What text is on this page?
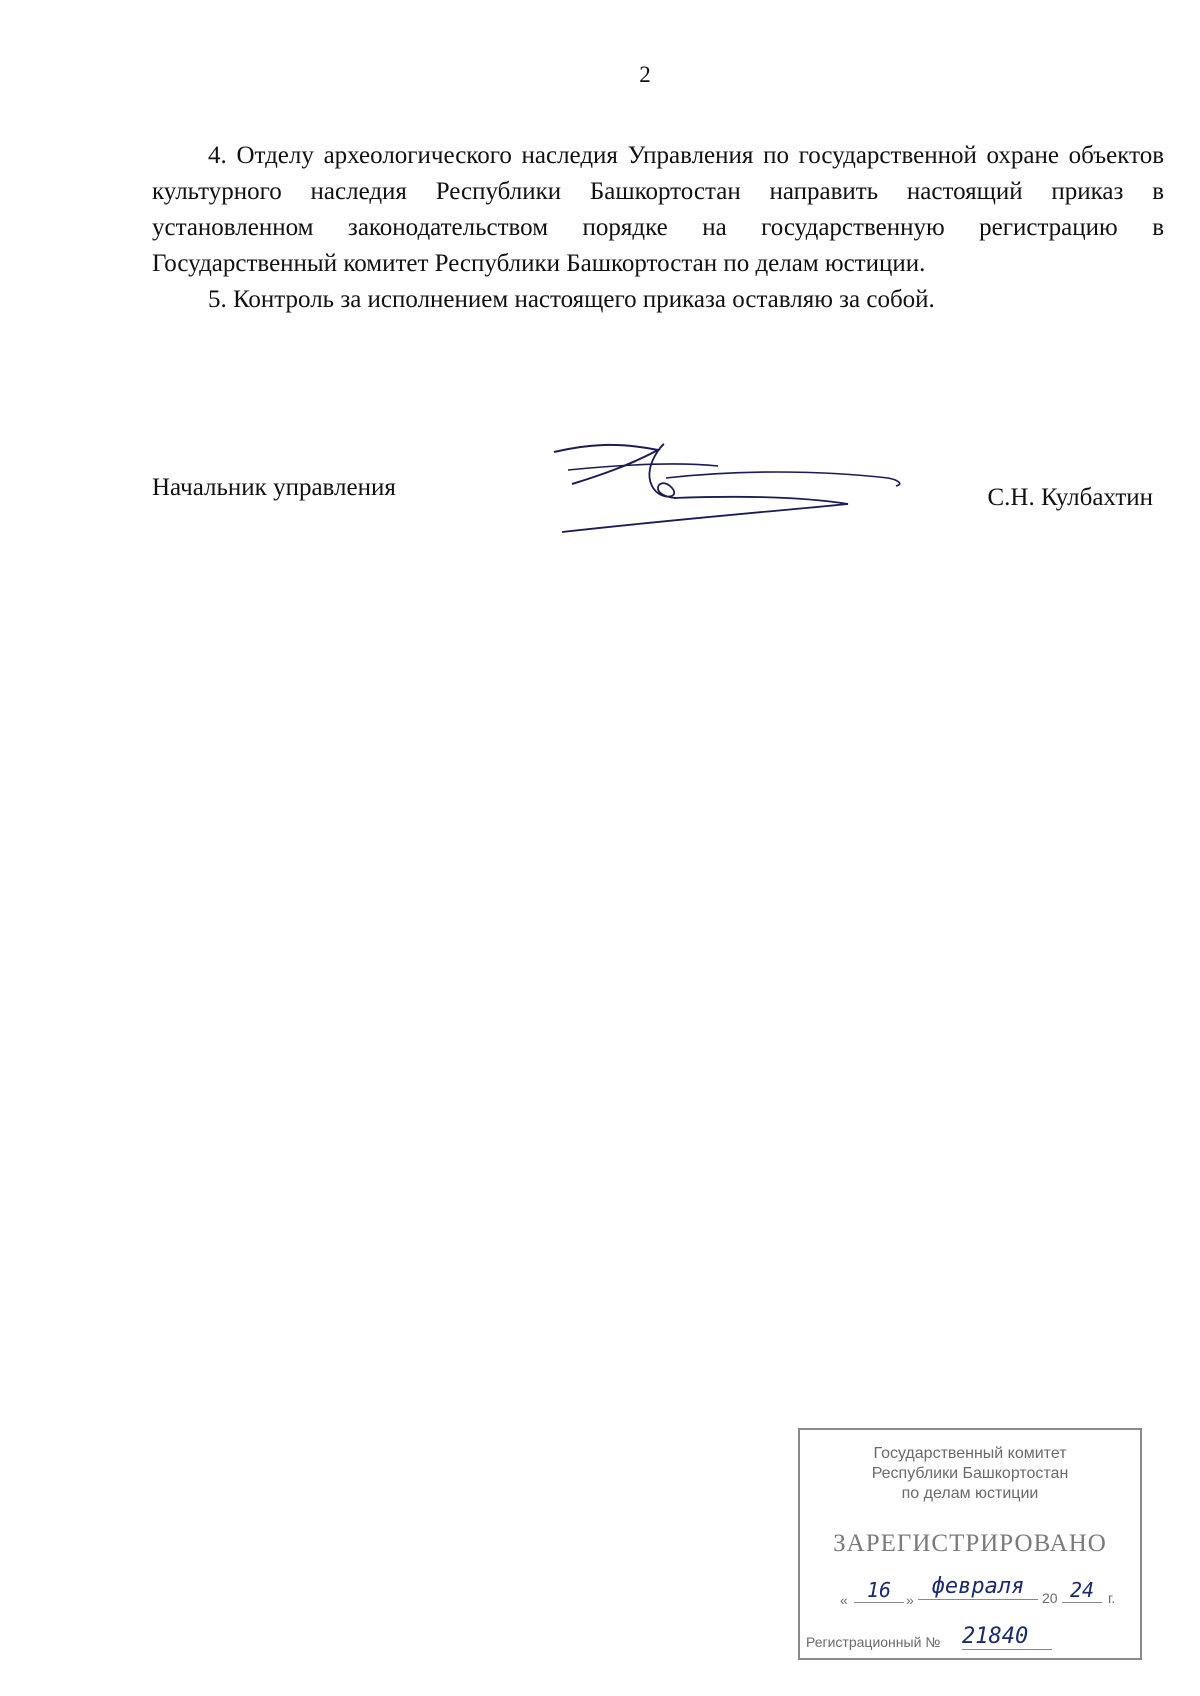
2

4. Отделу археологического наследия Управления по государственной охране объектов культурного наследия Республики Башкортостан направить настоящий приказ в установленном законодательством порядке на государственную регистрацию в Государственный комитет Республики Башкортостан по делам юстиции.

5. Контроль за исполнением настоящего приказа оставляю за собой.

Начальник управления	С.Н. Кулбахтин
Государственный комитет
Республики Башкортостан
по делам юстиции
ЗАРЕГИСТРИРОВАНО
« 16	»
февраля	20 24 г.
Регистрационный № 21840
